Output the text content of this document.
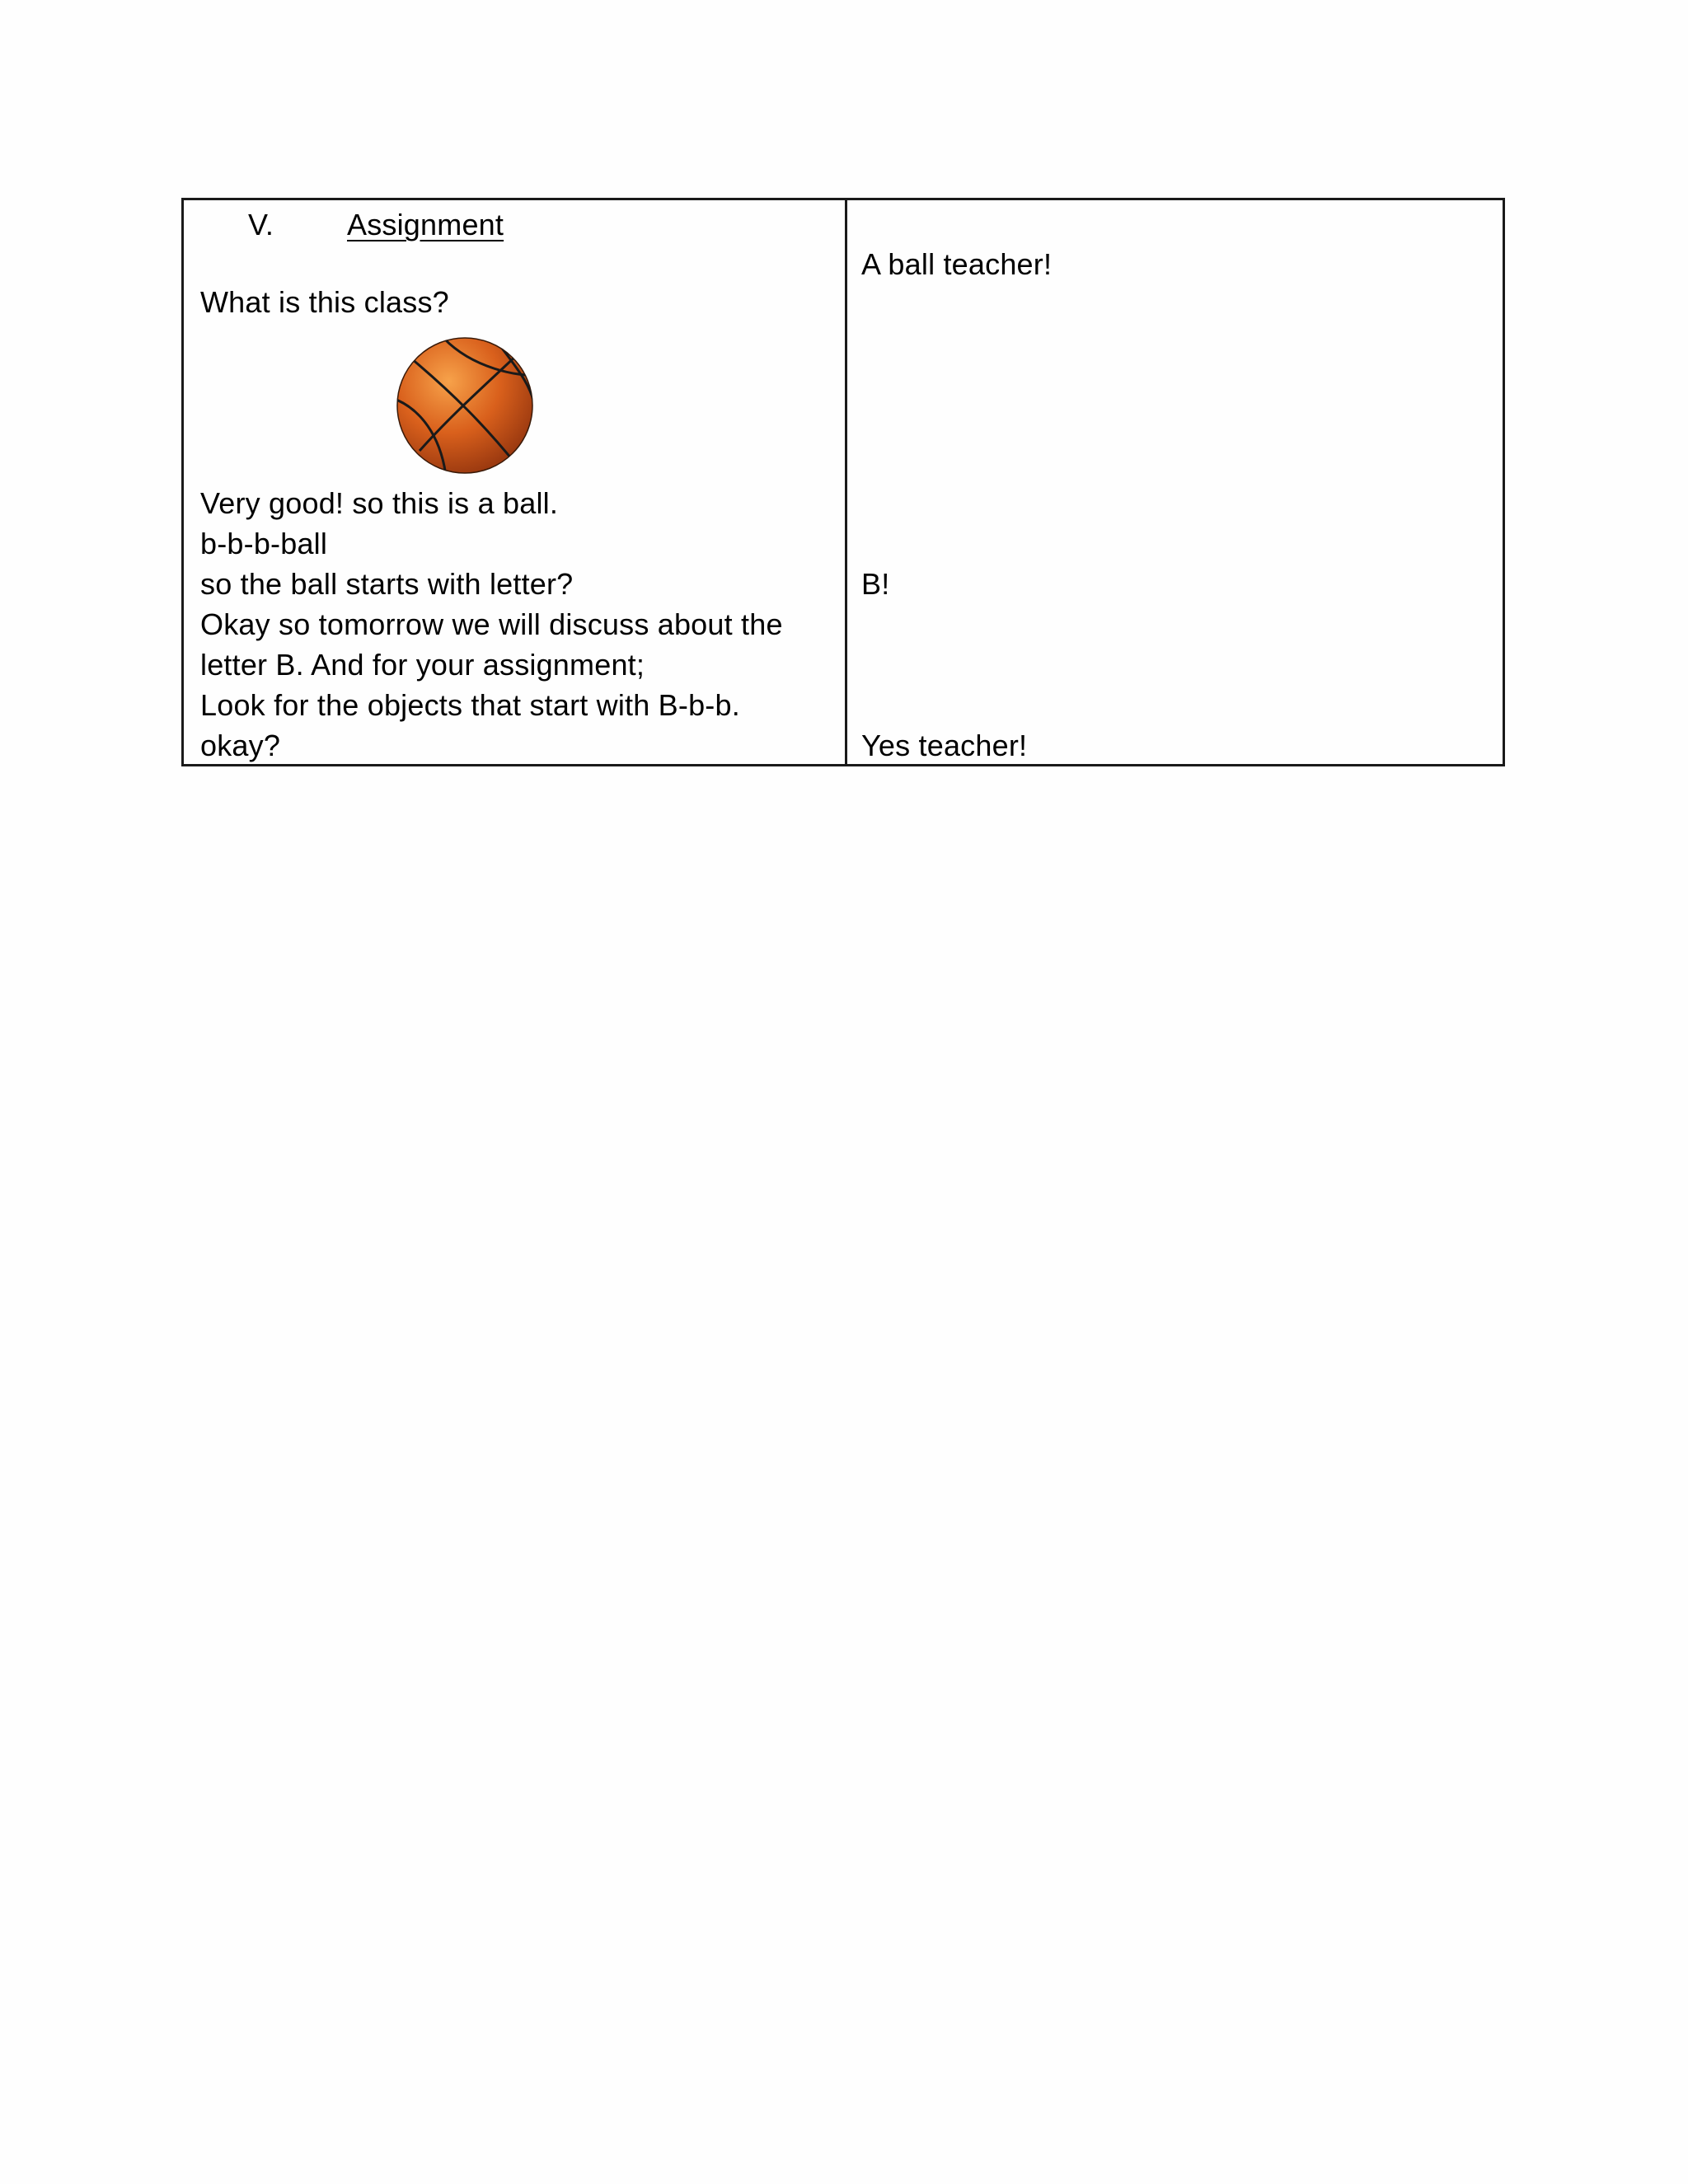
V. Assignment
What is this class?
Very good! so this is a ball.
b-b-b-ball
so the ball starts with letter?
Okay so tomorrow we will discuss about the
letter B. And for your assignment;
Look for the objects that start with B-b-b.
okay?
A ball teacher!
B!
Yes teacher!
